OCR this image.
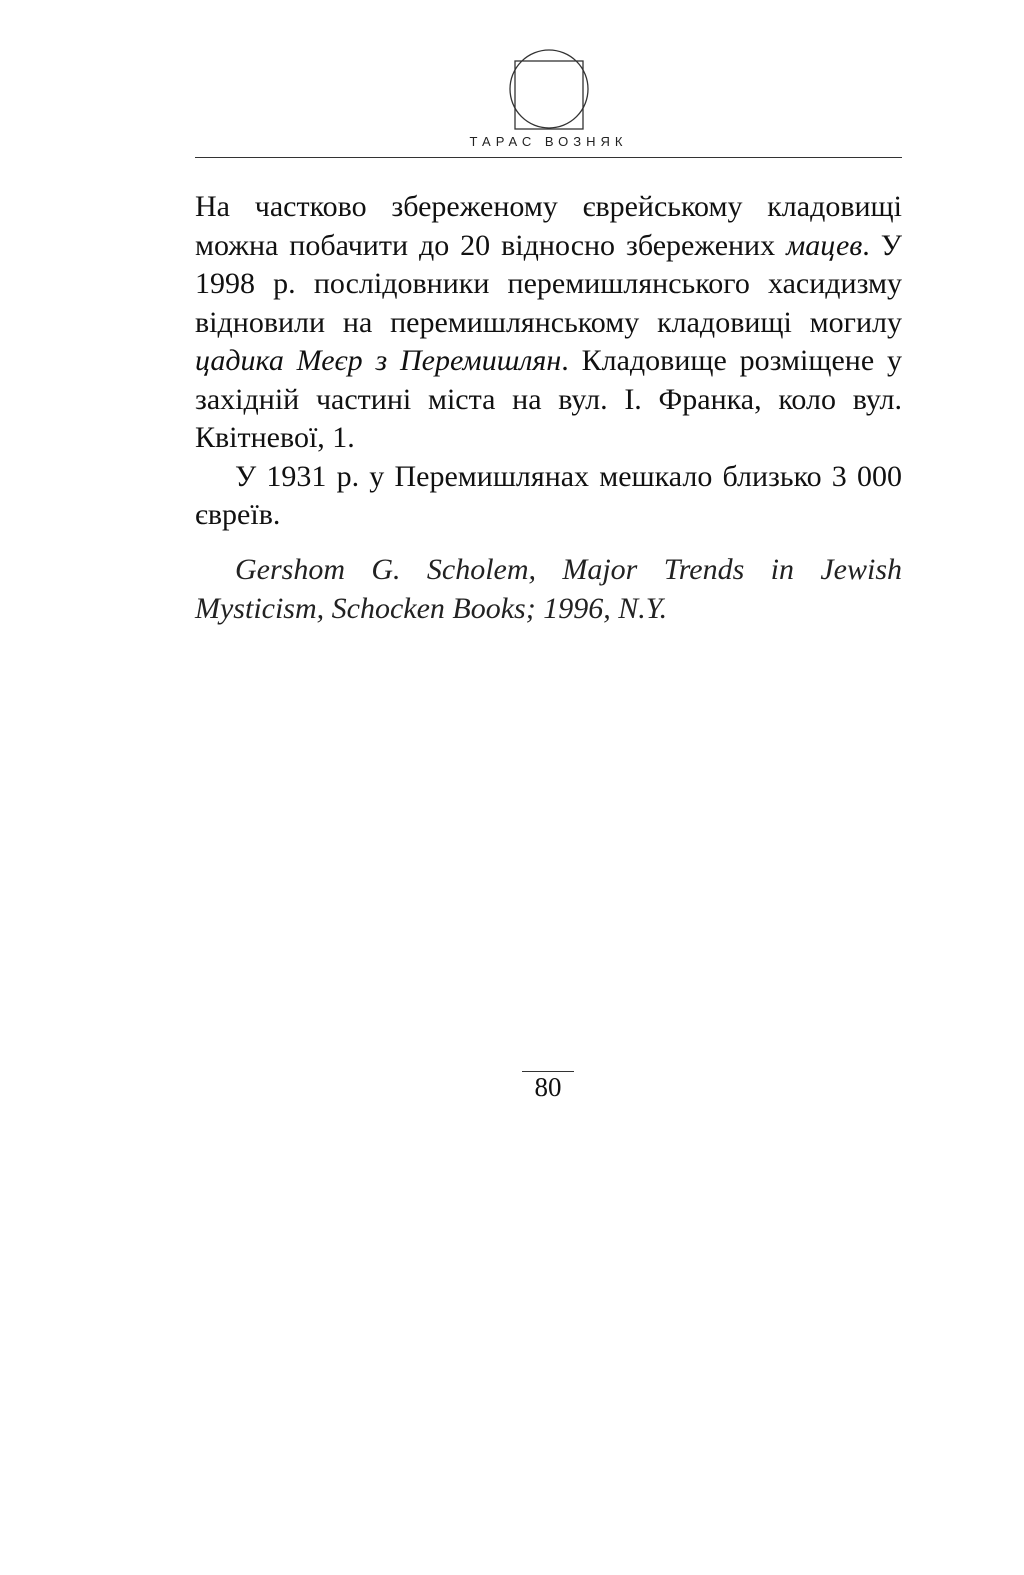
ТАРАС ВОЗНЯК

На частково збереженому єврейському кладовищі можна побачити до 20 відносно збережених мацев. У 1998 р. послідовники перемишлянського хасидизму відновили на перемишлянському кладовищі могилу цадика Меєр з Перемишлян. Кладовище розміщене у західній частині міста на вул. І. Франка, коло вул. Квітневої, 1.

У 1931 р. у Перемишлянах мешкало близько 3 000 євреїв.

Gershom G. Scholem, Major Trends in Jewish Mysticism, Schocken Books; 1996, N.Y.

80
